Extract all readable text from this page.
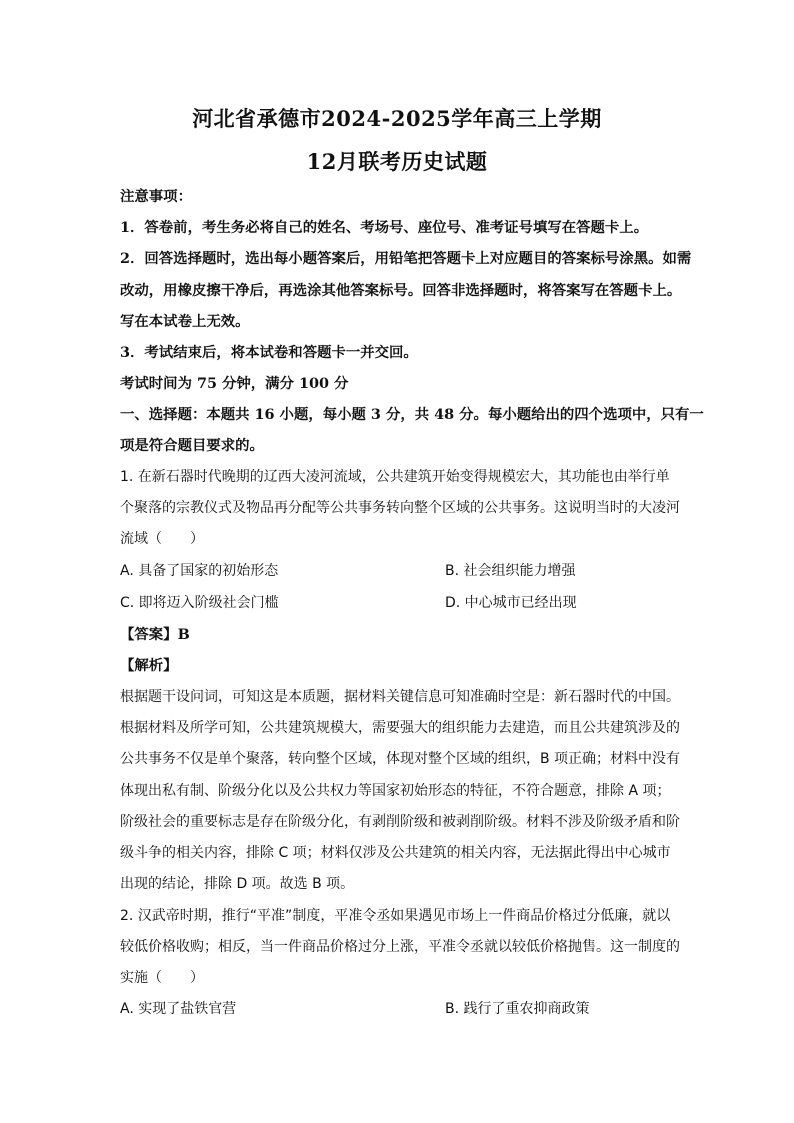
河北省承德市2024-2025学年高三上学期
12月联考历史试题
注意事项：
1．答卷前，考生务必将自己的姓名、考场号、座位号、准考证号填写在答题卡上。
2．回答选择题时，选出每小题答案后，用铅笔把答题卡上对应题目的答案标号涂黑。如需
改动，用橡皮擦干净后，再选涂其他答案标号。回答非选择题时，将答案写在答题卡上。
写在本试卷上无效。
3．考试结束后，将本试卷和答题卡一并交回。
考试时间为 75 分钟，满分 100 分
一、选择题：本题共 16 小题，每小题 3 分，共 48 分。每小题给出的四个选项中，只有一
项是符合题目要求的。
1. 在新石器时代晚期的辽西大凌河流域，公共建筑开始变得规模宏大，其功能也由举行单
个聚落的宗教仪式及物品再分配等公共事务转向整个区域的公共事务。这说明当时的大凌河
流域（　　）
A. 具备了国家的初始形态	B. 社会组织能力增强
C. 即将迈入阶级社会门槛	D. 中心城市已经出现
【答案】B
【解析】
根据题干设问词，可知这是本质题，据材料关键信息可知准确时空是：新石器时代的中国。
根据材料及所学可知，公共建筑规模大，需要强大的组织能力去建造，而且公共建筑涉及的
公共事务不仅是单个聚落，转向整个区域，体现对整个区域的组织，B 项正确；材料中没有
体现出私有制、阶级分化以及公共权力等国家初始形态的特征，不符合题意，排除 A 项；
阶级社会的重要标志是存在阶级分化，有剥削阶级和被剥削阶级。材料不涉及阶级矛盾和阶
级斗争的相关内容，排除 C 项；材料仅涉及公共建筑的相关内容，无法据此得出中心城市
出现的结论，排除 D 项。故选 B 项。
2. 汉武帝时期，推行“平准”制度，平准令丞如果遇见市场上一件商品价格过分低廉，就以
较低价格收购；相反，当一件商品价格过分上涨，平准令丞就以较低价格抛售。这一制度的
实施（　　）
A. 实现了盐铁官营	B. 践行了重农抑商政策
